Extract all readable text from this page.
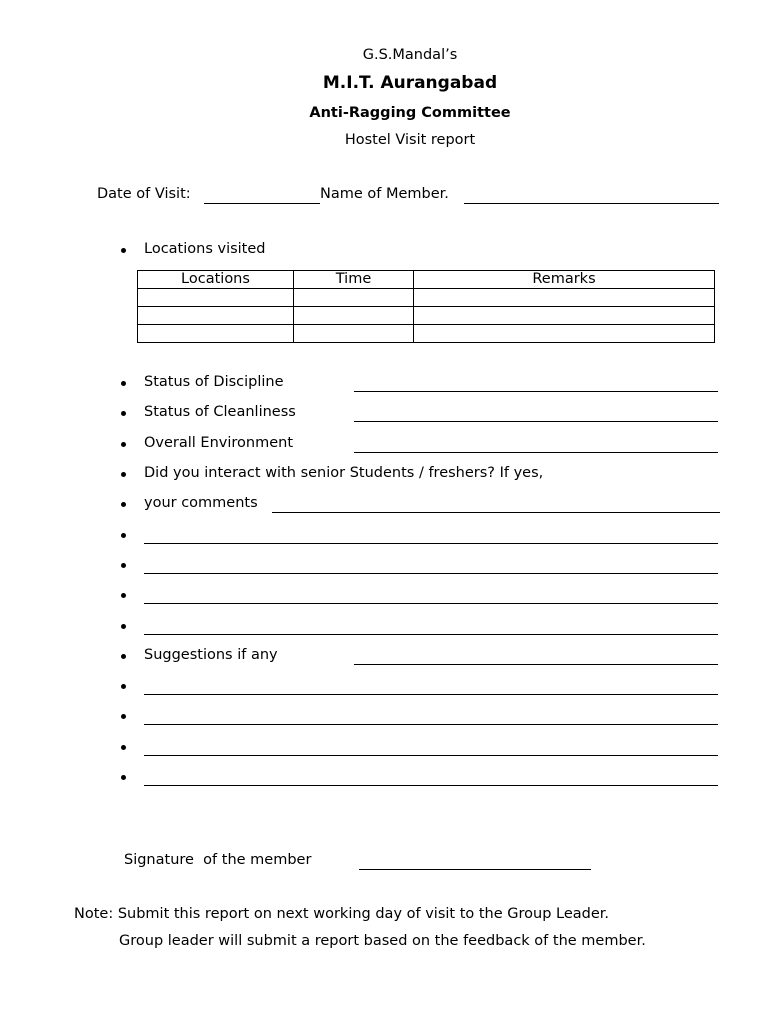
G.S.Mandal’s
M.I.T. Aurangabad
Anti-Ragging Committee
Hostel Visit report
Date of Visit:	Name of Member.
Locations visited
Locations	Time	Remarks

Status of Discipline
Status of Cleanliness
Overall Environment
Did you interact with senior Students / freshers? If yes,
your comments
Suggestions if any
Signature  of the member
Note: Submit this report on next working day of visit to the Group Leader.
Group leader will submit a report based on the feedback of the member.
